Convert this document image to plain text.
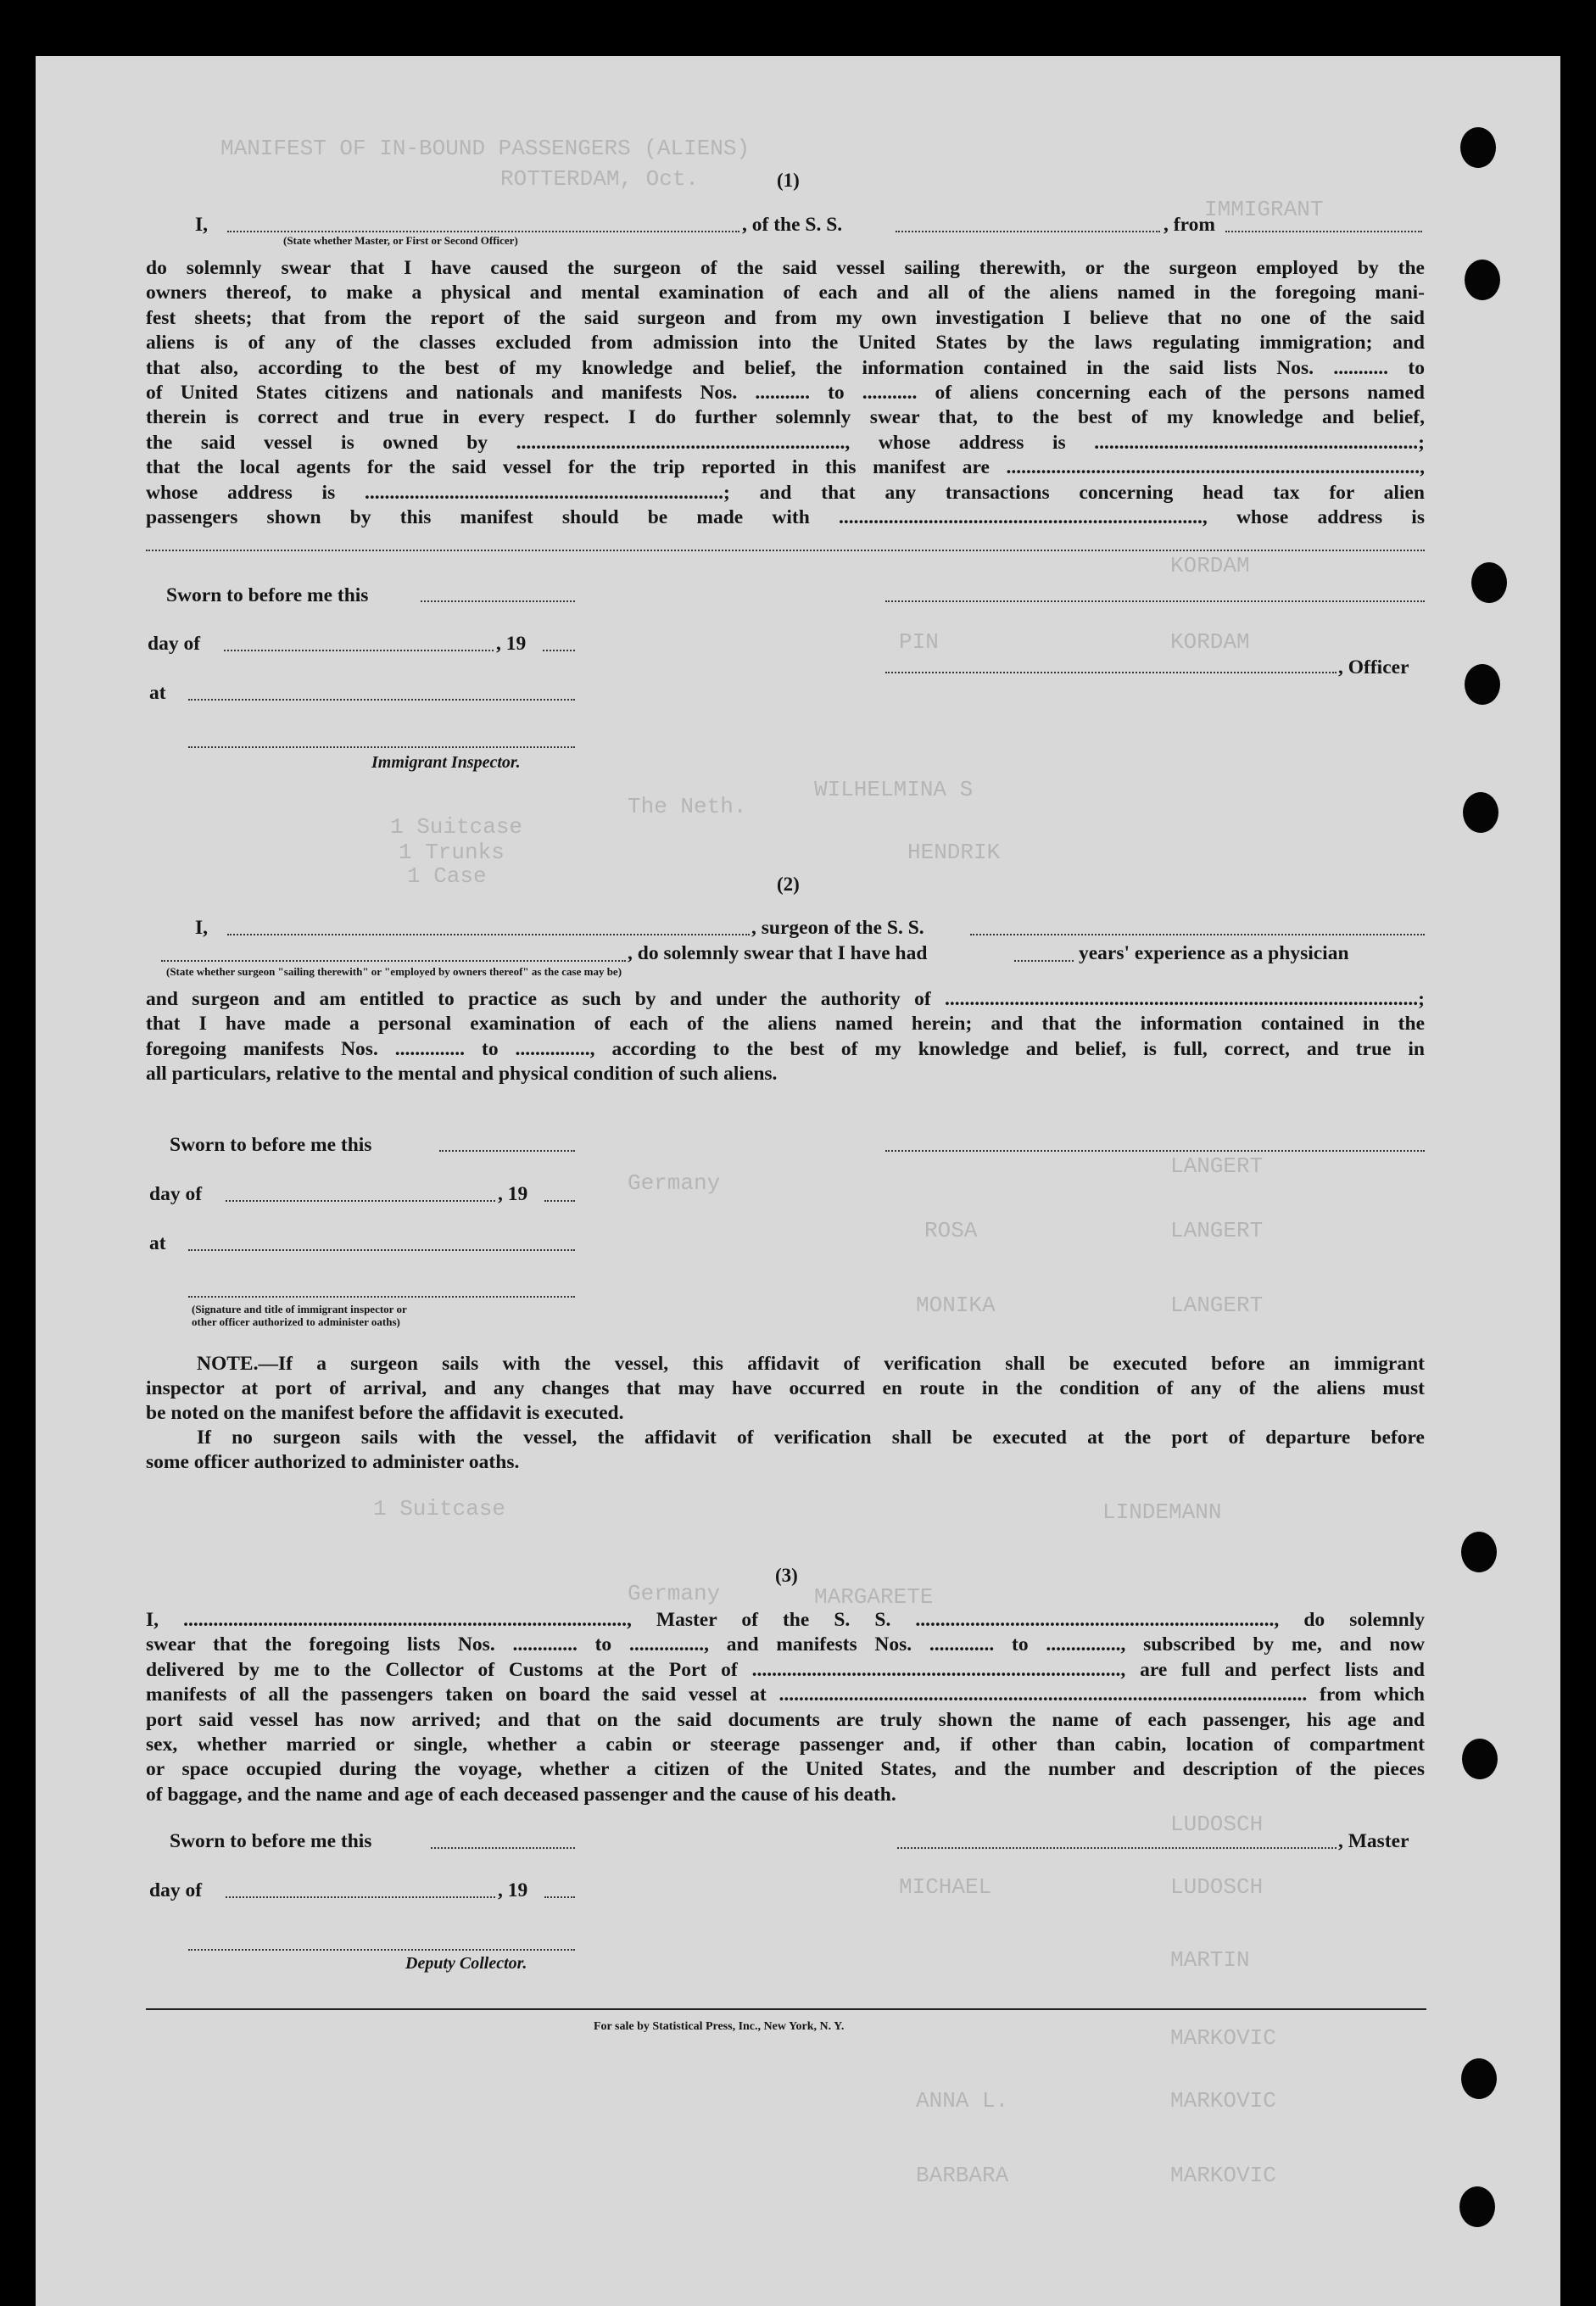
MANIFEST OF IN-BOUND PASSENGERS (ALIENS)
ROTTERDAM, Oct.
IMMIGRANT
KORDAM
PIN	KORDAM
WILHELMINA S
The Neth.
HENDRIK
1 Suitcase
1 Trunks
1 Case
LANGERT
Germany
ROSA	LANGERT
MONIKA	LANGERT
LINDEMANN
1 Suitcase
MARGARETE
Germany
LUDOSCH
MICHAEL	LUDOSCH
MARTIN
MARKOVIC
ANNA L.	MARKOVIC
BARBARA	MARKOVIC
(1)
I,	, of the S. S.	, from
(State whether Master, or First or Second Officer)
do solemnly swear that I have caused the surgeon of the said vessel sailing therewith, or the surgeon employed by the
owners thereof, to make a physical and mental examination of each and all of the aliens named in the foregoing mani-
fest sheets; that from the report of the said surgeon and from my own investigation I believe that no one of the said
aliens is of any of the classes excluded from admission into the United States by the laws regulating immigration; and
that also, according to the best of my knowledge and belief, the information contained in the said lists Nos. ........... to
of United States citizens and nationals and manifests Nos. ........... to ........... of aliens concerning each of the persons named
therein is correct and true in every respect. I do further solemnly swear that, to the best of my knowledge and belief,
the said vessel is owned by .................................................................., whose address is .................................................................;
that the local agents for the said vessel for the trip reported in this manifest are ...................................................................................,
whose address is ........................................................................; and that any transactions concerning head tax for alien
passengers shown by this manifest should be made with ........................................................................., whose address is
Sworn to before me this
day of	, 19
, Officer
at
Immigrant Inspector.
(2)
I,	, surgeon of the S. S.
, do solemnly swear that I have had	years' experience as a physician
(State whether surgeon "sailing therewith" or "employed by owners thereof" as the case may be)
and surgeon and am entitled to practice as such by and under the authority of ...............................................................................................;
that I have made a personal examination of each of the aliens named herein; and that the information contained in the
foregoing manifests Nos. .............. to ..............., according to the best of my knowledge and belief, is full, correct, and true in
all particulars, relative to the mental and physical condition of such aliens.
Sworn to before me this
day of	, 19
at
(Signature and title of immigrant inspector or
other officer authorized to administer oaths)
NOTE.—If a surgeon sails with the vessel, this affidavit of verification shall be executed before an immigrant
inspector at port of arrival, and any changes that may have occurred en route in the condition of any of the aliens must
be noted on the manifest before the affidavit is executed.
If no surgeon sails with the vessel, the affidavit of verification shall be executed at the port of departure before
some officer authorized to administer oaths.
(3)
I, ........................................................................................., Master of the S. S. ........................................................................, do solemnly
swear that the foregoing lists Nos. ............. to ..............., and manifests Nos. ............. to ..............., subscribed by me, and now
delivered by me to the Collector of Customs at the Port of .........................................................................., are full and perfect lists and
manifests of all the passengers taken on board the said vessel at .......................................................................................................... from which
port said vessel has now arrived; and that on the said documents are truly shown the name of each passenger, his age and
sex, whether married or single, whether a cabin or steerage passenger and, if other than cabin, location of compartment
or space occupied during the voyage, whether a citizen of the United States, and the number and description of the pieces
of baggage, and the name and age of each deceased passenger and the cause of his death.
Sworn to before me this	, Master
day of	, 19
Deputy Collector.
For sale by Statistical Press, Inc., New York, N. Y.
